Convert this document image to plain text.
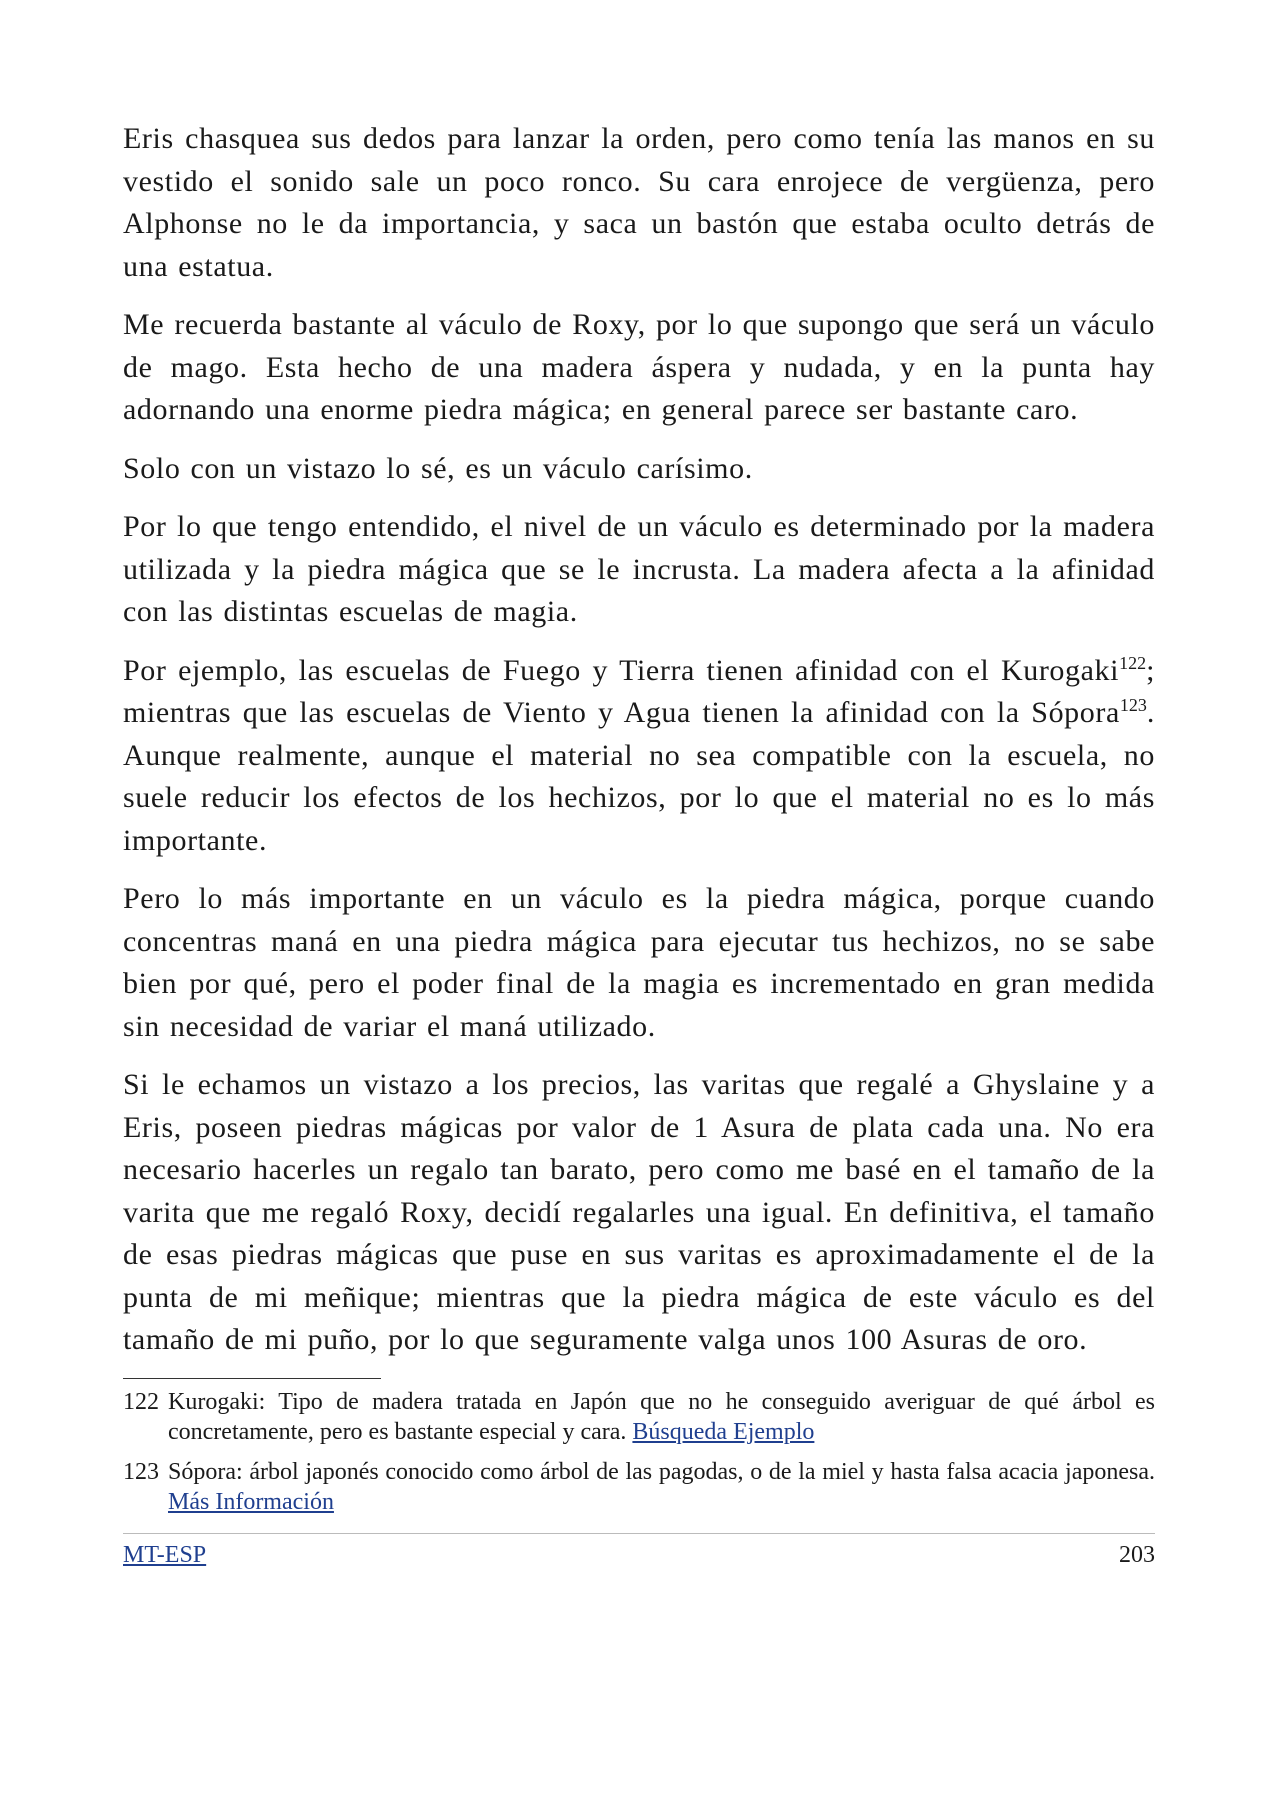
Eris chasquea sus dedos para lanzar la orden, pero como tenía las manos en su vestido el sonido sale un poco ronco. Su cara enrojece de vergüenza, pero Alphonse no le da importancia, y saca un bastón que estaba oculto detrás de una estatua.

Me recuerda bastante al váculo de Roxy, por lo que supongo que será un váculo de mago. Esta hecho de una madera áspera y nudada, y en la punta hay adornando una enorme piedra mágica; en general parece ser bastante caro.

Solo con un vistazo lo sé, es un váculo carísimo.

Por lo que tengo entendido, el nivel de un váculo es determinado por la madera utilizada y la piedra mágica que se le incrusta. La madera afecta a la afinidad con las distintas escuelas de magia.

Por ejemplo, las escuelas de Fuego y Tierra tienen afinidad con el Kurogaki$^{122}$; mientras que las escuelas de Viento y Agua tienen la afinidad con la Sópora$^{123}$. Aunque realmente, aunque el material no sea compatible con la escuela, no suele reducir los efectos de los hechizos, por lo que el material no es lo más importante.

Pero lo más importante en un váculo es la piedra mágica, porque cuando concentras maná en una piedra mágica para ejecutar tus hechizos, no se sabe bien por qué, pero el poder final de la magia es incrementado en gran medida sin necesidad de variar el maná utilizado.

Si le echamos un vistazo a los precios, las varitas que regalé a Ghyslaine y a Eris, poseen piedras mágicas por valor de 1 Asura de plata cada una. No era necesario hacerles un regalo tan barato, pero como me basé en el tamaño de la varita que me regaló Roxy, decidí regalarles una igual. En definitiva, el tamaño de esas piedras mágicas que puse en sus varitas es aproximadamente el de la punta de mi meñique; mientras que la piedra mágica de este váculo es del tamaño de mi puño, por lo que seguramente valga unos 100 Asuras de oro.

122 Kurogaki: Tipo de madera tratada en Japón que no he conseguido averiguar de qué árbol es concretamente, pero es bastante especial y cara. Búsqueda Ejemplo
123 Sópora: árbol japonés conocido como árbol de las pagodas, o de la miel y hasta falsa acacia japonesa. Más Información
MT-ESP	203
